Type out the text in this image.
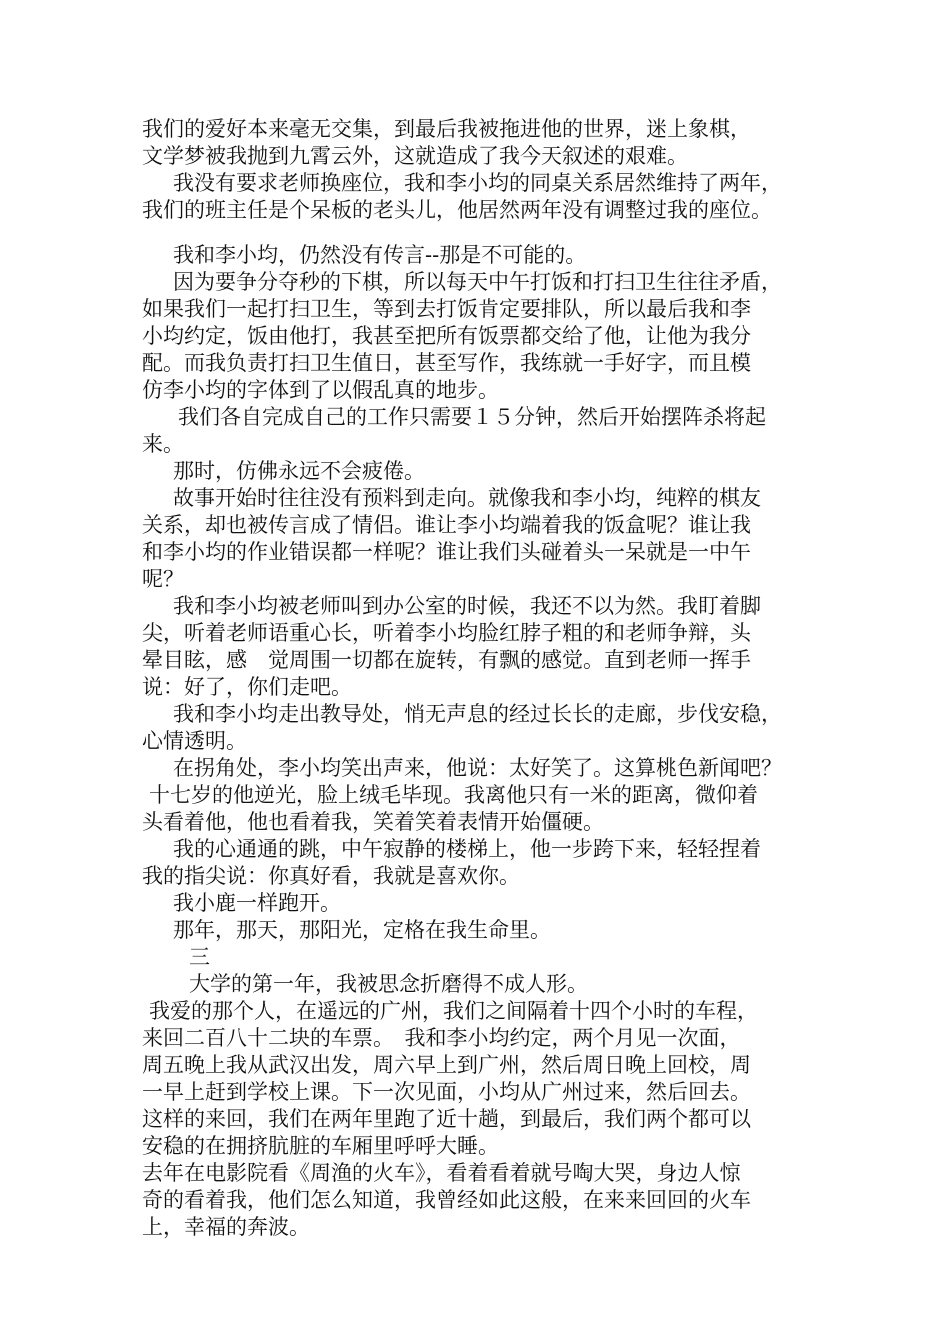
我们的爱好本来毫无交集，到最后我被拖进他的世界，迷上象棋，

文学梦被我抛到九霄云外，这就造成了我今天叙述的艰难。

我没有要求老师换座位，我和李小均的同桌关系居然维持了两年，

我们的班主任是个呆板的老头儿，他居然两年没有调整过我的座位。

我和李小均，仍然没有传言--那是不可能的。

因为要争分夺秒的下棋，所以每天中午打饭和打扫卫生往往矛盾，

如果我们一起打扫卫生，等到去打饭肯定要排队，所以最后我和李

小均约定，饭由他打，我甚至把所有饭票都交给了他，让他为我分

配。而我负责打扫卫生值日，甚至写作，我练就一手好字，而且模

仿李小均的字体到了以假乱真的地步。

我们各自完成自己的工作只需要１５分钟，然后开始摆阵杀将起

来。

那时，仿佛永远不会疲倦。

故事开始时往往没有预料到走向。就像我和李小均，纯粹的棋友

关系，却也被传言成了情侣。谁让李小均端着我的饭盒呢？谁让我

和李小均的作业错误都一样呢？谁让我们头碰着头一呆就是一中午

呢？

我和李小均被老师叫到办公室的时候，我还不以为然。我盯着脚

尖，听着老师语重心长，听着李小均脸红脖子粗的和老师争辩，头

晕目眩，感　觉周围一切都在旋转，有飘的感觉。直到老师一挥手

说：好了，你们走吧。

我和李小均走出教导处，悄无声息的经过长长的走廊，步伐安稳，

心情透明。

在拐角处，李小均笑出声来，他说：太好笑了。这算桃色新闻吧？

十七岁的他逆光，脸上绒毛毕现。我离他只有一米的距离，微仰着

头看着他，他也看着我，笑着笑着表情开始僵硬。

我的心通通的跳，中午寂静的楼梯上，他一步跨下来，轻轻捏着

我的指尖说：你真好看，我就是喜欢你。

我小鹿一样跑开。

那年，那天，那阳光，定格在我生命里。

三

大学的第一年，我被思念折磨得不成人形。

我爱的那个人，在遥远的广州，我们之间隔着十四个小时的车程，

来回二百八十二块的车票。　我和李小均约定，两个月见一次面，

周五晚上我从武汉出发，周六早上到广州，然后周日晚上回校，周

一早上赶到学校上课。下一次见面，小均从广州过来，然后回去。

这样的来回，我们在两年里跑了近十趟，到最后，我们两个都可以

安稳的在拥挤肮脏的车厢里呼呼大睡。

去年在电影院看《周渔的火车》，看着看着就号啕大哭，身边人惊

奇的看着我，他们怎么知道，我曾经如此这般，在来来回回的火车

上，幸福的奔波。
